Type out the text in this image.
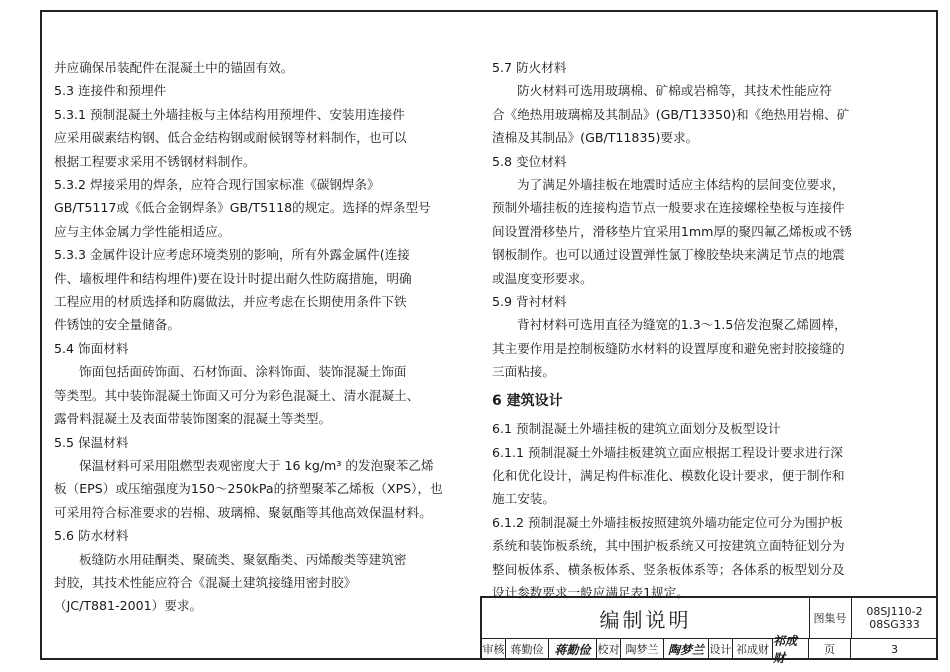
并应确保吊装配件在混凝土中的锚固有效。
5.3 连接件和预埋件
5.3.1 预制混凝土外墙挂板与主体结构用预埋件、安装用连接件
应采用碳素结构钢、低合金结构钢或耐候钢等材料制作，也可以
根据工程要求采用不锈钢材料制作。
5.3.2 焊接采用的焊条，应符合现行国家标准《碳钢焊条》
GB/T5117或《低合金钢焊条》GB/T5118的规定。选择的焊条型号
应与主体金属力学性能相适应。
5.3.3 金属件设计应考虑环境类别的影响，所有外露金属件(连接
件、墙板埋件和结构埋件)要在设计时提出耐久性防腐措施，明确
工程应用的材质选择和防腐做法，并应考虑在长期使用条件下铁
件锈蚀的安全量储备。
5.4 饰面材料
饰面包括面砖饰面、石材饰面、涂料饰面、装饰混凝土饰面
等类型。其中装饰混凝土饰面又可分为彩色混凝土、清水混凝土、
露骨料混凝土及表面带装饰图案的混凝土等类型。
5.5 保温材料
保温材料可采用阻燃型表观密度大于 16 kg/m³ 的发泡聚苯乙烯
板（EPS）或压缩强度为150～250kPa的挤塑聚苯乙烯板（XPS），也
可采用符合标准要求的岩棉、玻璃棉、聚氨酯等其他高效保温材料。
5.6 防水材料
板缝防水用硅酮类、聚硫类、聚氨酯类、丙烯酸类等建筑密
封胶，其技术性能应符合《混凝土建筑接缝用密封胶》
（JC/T881-2001）要求。
5.7 防火材料
防火材料可选用玻璃棉、矿棉或岩棉等，其技术性能应符
合《绝热用玻璃棉及其制品》(GB/T13350)和《绝热用岩棉、矿
渣棉及其制品》(GB/T11835)要求。
5.8 变位材料
为了满足外墙挂板在地震时适应主体结构的层间变位要求，
预制外墙挂板的连接构造节点一般要求在连接螺栓垫板与连接件
间设置滑移垫片，滑移垫片宜采用1mm厚的聚四氟乙烯板或不锈
钢板制作。也可以通过设置弹性氯丁橡胶垫块来满足节点的地震
或温度变形要求。
5.9 背衬材料
背衬材料可选用直径为缝宽的1.3～1.5倍发泡聚乙烯圆棒，
其主要作用是控制板缝防水材料的设置厚度和避免密封胶接缝的
三面粘接。
6 建筑设计
6.1 预制混凝土外墙挂板的建筑立面划分及板型设计
6.1.1 预制混凝土外墙挂板建筑立面应根据工程设计要求进行深
化和优化设计，满足构件标准化、模数化设计要求，便于制作和
施工安装。
6.1.2 预制混凝土外墙挂板按照建筑外墙功能定位可分为围护板
系统和装饰板系统，其中围护板系统又可按建筑立面特征划分为
整间板体系、横条板体系、竖条板体系等；各体系的板型划分及
设计参数要求一般应满足表1规定。
编制说明	图集号
08SJ110-2
08SG333
审核 蒋勤俭 蒋勤俭 校对 陶梦兰 陶梦兰 设计 祁成财
祁成财
页	3
